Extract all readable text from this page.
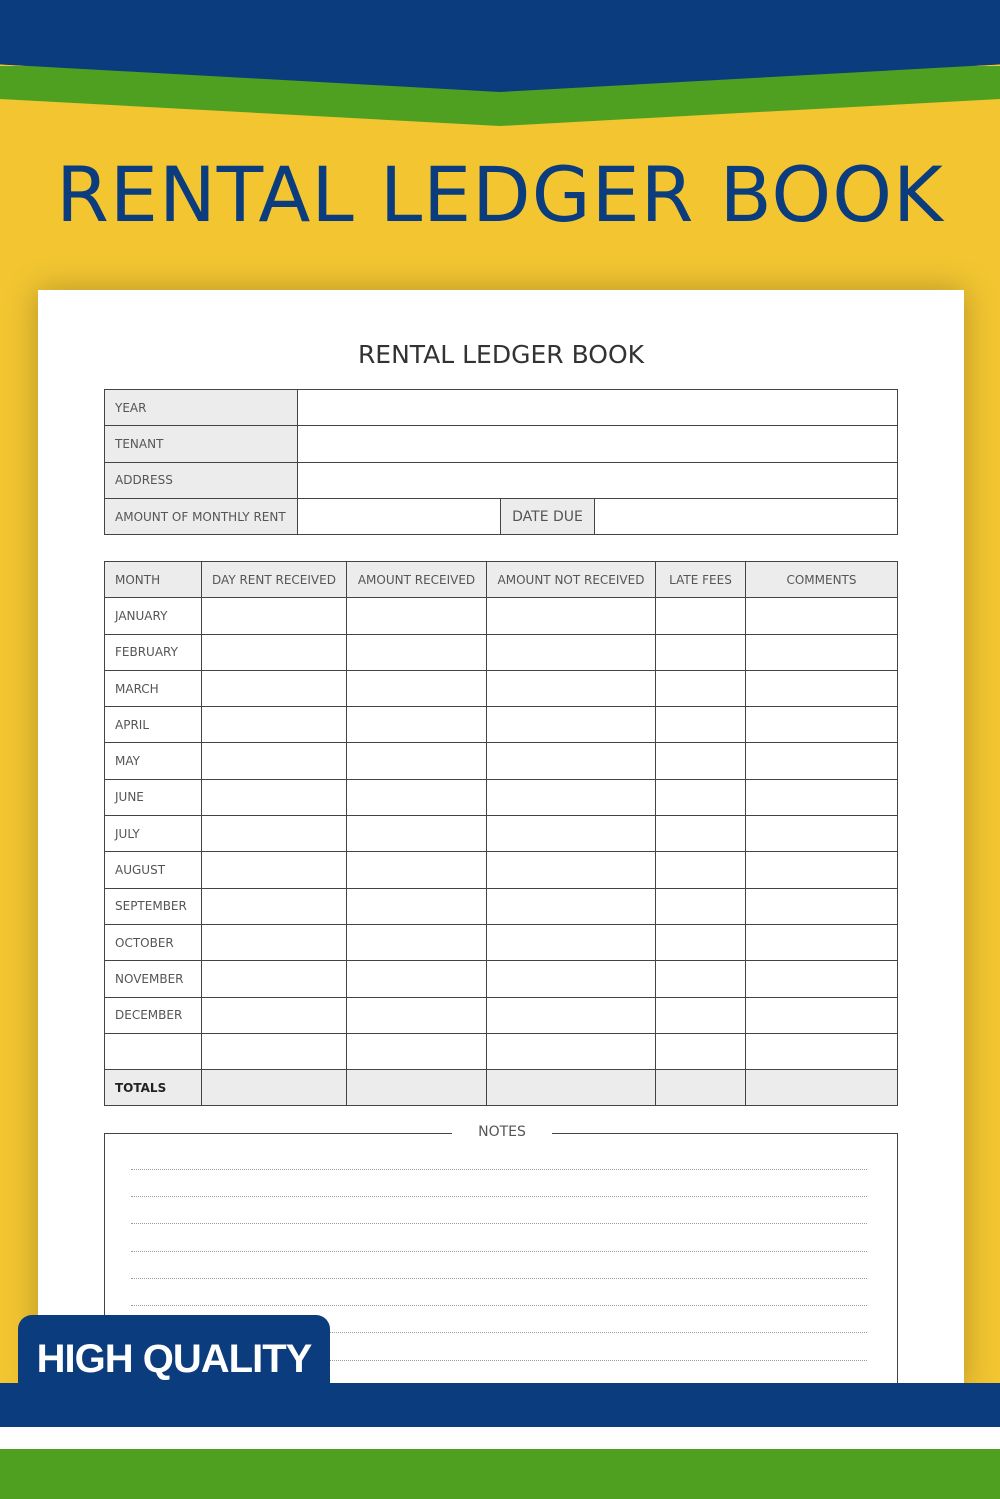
RENTAL LEDGER BOOK
RENTAL LEDGER BOOK
YEAR			
TENANT			
ADDRESS			
AMOUNT OF MONTHLY RENT		DATE DUE	
MONTH	DAY RENT RECEIVED	AMOUNT RECEIVED	AMOUNT NOT RECEIVED	LATE FEES	COMMENTS
JANUARY					
FEBRUARY					
MARCH					
APRIL					
MAY					
JUNE					
JULY					
AUGUST					
SEPTEMBER					
OCTOBER					
NOVEMBER					
DECEMBER					

TOTALS					
NOTES
HIGH QUALITY
